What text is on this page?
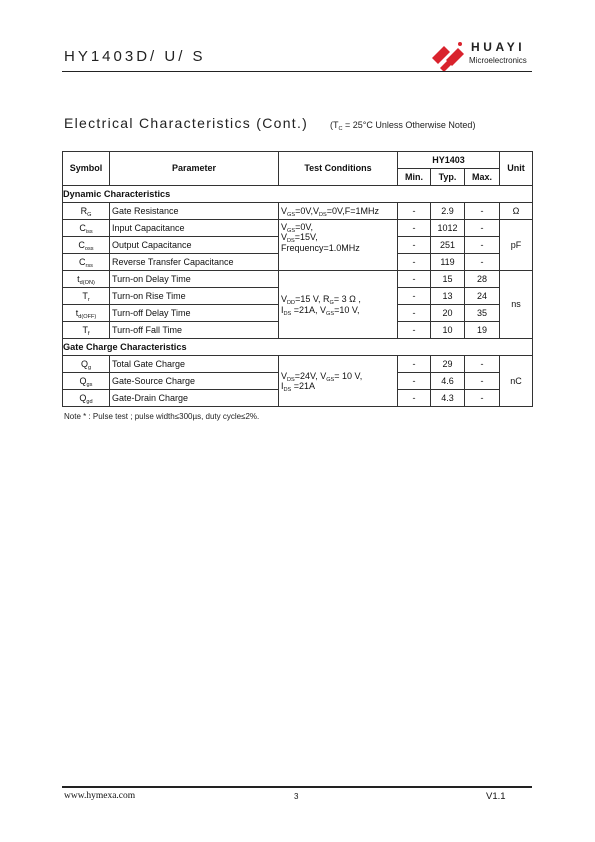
HY1403D/ U/ S
HUAYI
Microelectronics
Electrical Characteristics (Cont.) ($T_C = 25^\circ C$ Unless Otherwise Noted)
Symbol	Parameter	Test Conditions	HY1403			Unit
			Min.	Typ.	Max.	
Dynamic Characteristics						
$R_G$	Gate Resistance	$V_{GS}=0V,V_{DS}=0V,F=1MHz$	-	2.9	-	Ω
$C_{iss}$	Input Capacitance	$V_{GS}=0V$,
$V_{DS}=15V$,
Frequency=1.0MHz	-	1012	-	pF
$C_{oss}$	Output Capacitance		-	251	-	
$C_{rss}$	Reverse Transfer Capacitance		-	119	-	
$t_{d(ON)}$	Turn-on Delay Time	$V_{DD}=15$ V, $R_G= 3$ Ω ,
$I_{DS} =21A$, $V_{GS}=10$ V,	-	15	28	ns
$T_r$	Turn-on Rise Time		-	13	24	
$t_{d(OFF)}$	Turn-off Delay Time		-	20	35	
$T_f$	Turn-off Fall Time		-	10	19	
Gate Charge Characteristics						
$Q_g$	Total Gate Charge	$V_{DS}=24V$, $V_{GS}= 10$ V,
$I_{DS} =21A$	-	29	-	nC
$Q_{gs}$	Gate-Source Charge		-	4.6	-	
$Q_{gd}$	Gate-Drain Charge		-	4.3	-	
Note * : Pulse test ; pulse width≤300µs, duty cycle≤2%.
www.hymexa.com	3	V1.1
